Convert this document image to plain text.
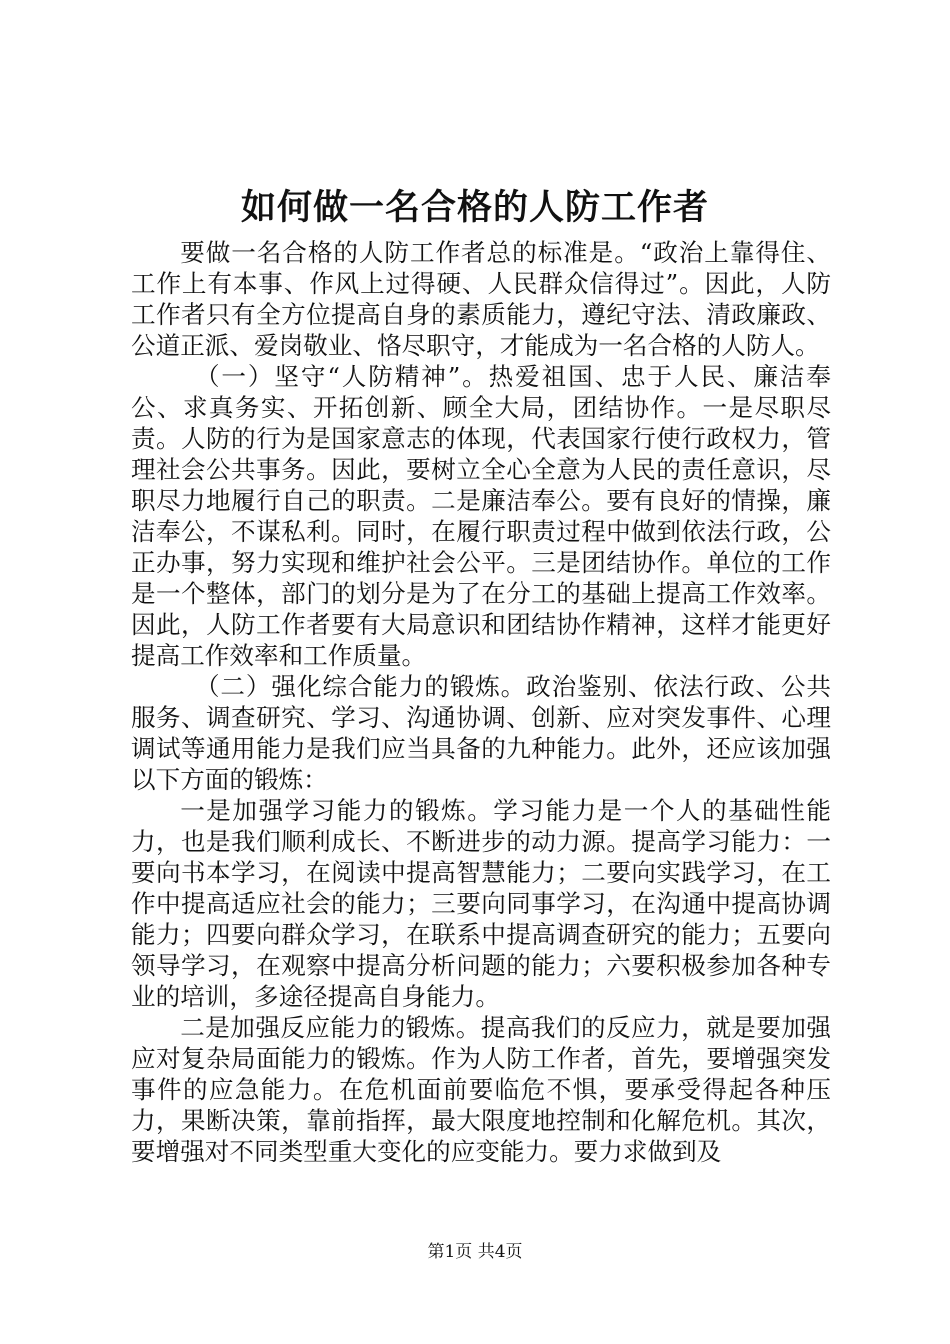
如何做一名合格的人防工作者

要做一名合格的人防工作者总的标准是。“政治上靠得住、工作上有本事、作风上过得硬、人民群众信得过”。因此，人防工作者只有全方位提高自身的素质能力，遵纪守法、清政廉政、公道正派、爱岗敬业、恪尽职守，才能成为一名合格的人防人。

（一）坚守“人防精神”。热爱祖国、忠于人民、廉洁奉公、求真务实、开拓创新、顾全大局，团结协作。一是尽职尽责。人防的行为是国家意志的体现，代表国家行使行政权力，管理社会公共事务。因此，要树立全心全意为人民的责任意识，尽职尽力地履行自己的职责。二是廉洁奉公。要有良好的情操，廉洁奉公，不谋私利。同时，在履行职责过程中做到依法行政，公正办事，努力实现和维护社会公平。三是团结协作。单位的工作是一个整体，部门的划分是为了在分工的基础上提高工作效率。因此，人防工作者要有大局意识和团结协作精神，这样才能更好提高工作效率和工作质量。

（二）强化综合能力的锻炼。政治鉴别、依法行政、公共服务、调查研究、学习、沟通协调、创新、应对突发事件、心理调试等通用能力是我们应当具备的九种能力。此外，还应该加强以下方面的锻炼：

一是加强学习能力的锻炼。学习能力是一个人的基础性能力，也是我们顺利成长、不断进步的动力源。提高学习能力：一要向书本学习，在阅读中提高智慧能力；二要向实践学习，在工作中提高适应社会的能力；三要向同事学习，在沟通中提高协调能力；四要向群众学习，在联系中提高调查研究的能力；五要向领导学习，在观察中提高分析问题的能力；六要积极参加各种专业的培训，多途径提高自身能力。

二是加强反应能力的锻炼。提高我们的反应力，就是要加强应对复杂局面能力的锻炼。作为人防工作者，首先，要增强突发事件的应急能力。在危机面前要临危不惧，要承受得起各种压力，果断决策，靠前指挥，最大限度地控制和化解危机。其次，要增强对不同类型重大变化的应变能力。要力求做到及

第1页 共4页
